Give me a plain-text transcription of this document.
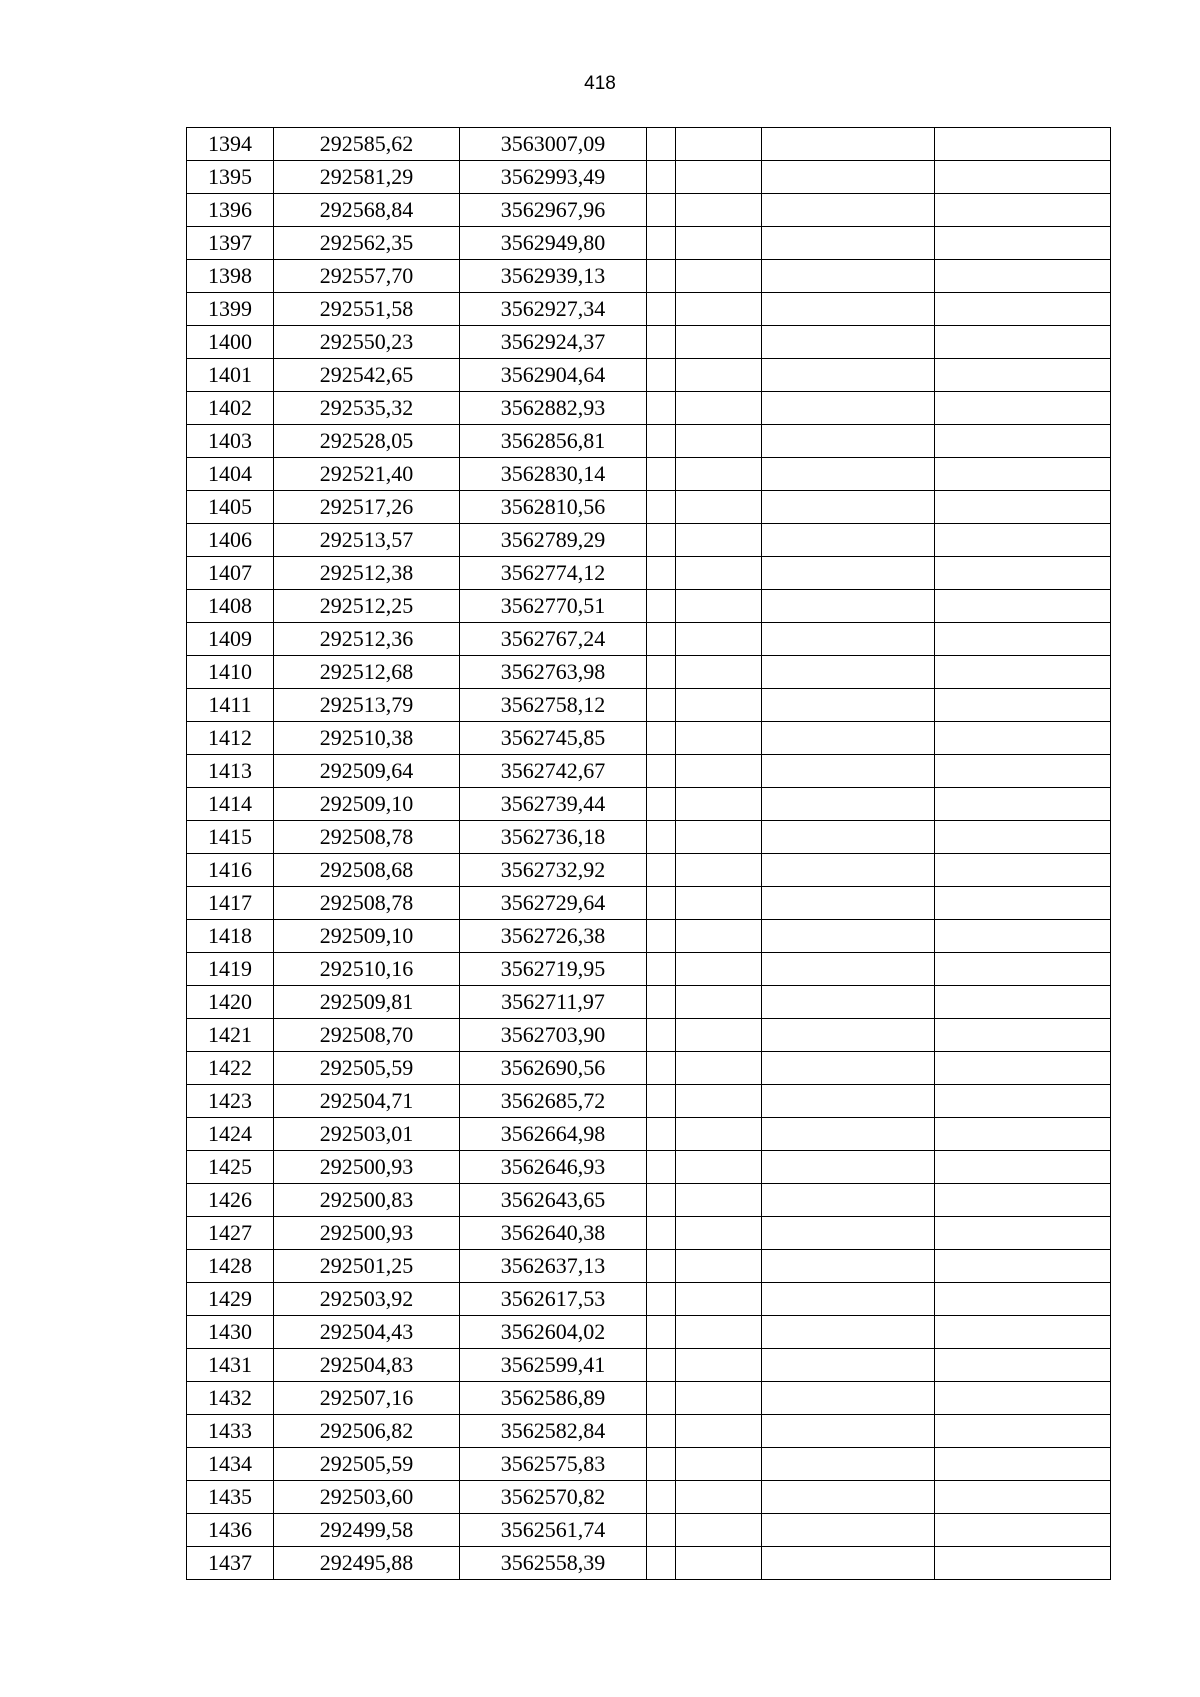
418
1394	292585,62	3563007,09				
1395	292581,29	3562993,49				
1396	292568,84	3562967,96				
1397	292562,35	3562949,80				
1398	292557,70	3562939,13				
1399	292551,58	3562927,34				
1400	292550,23	3562924,37				
1401	292542,65	3562904,64				
1402	292535,32	3562882,93				
1403	292528,05	3562856,81				
1404	292521,40	3562830,14				
1405	292517,26	3562810,56				
1406	292513,57	3562789,29				
1407	292512,38	3562774,12				
1408	292512,25	3562770,51				
1409	292512,36	3562767,24				
1410	292512,68	3562763,98				
1411	292513,79	3562758,12				
1412	292510,38	3562745,85				
1413	292509,64	3562742,67				
1414	292509,10	3562739,44				
1415	292508,78	3562736,18				
1416	292508,68	3562732,92				
1417	292508,78	3562729,64				
1418	292509,10	3562726,38				
1419	292510,16	3562719,95				
1420	292509,81	3562711,97				
1421	292508,70	3562703,90				
1422	292505,59	3562690,56				
1423	292504,71	3562685,72				
1424	292503,01	3562664,98				
1425	292500,93	3562646,93				
1426	292500,83	3562643,65				
1427	292500,93	3562640,38				
1428	292501,25	3562637,13				
1429	292503,92	3562617,53				
1430	292504,43	3562604,02				
1431	292504,83	3562599,41				
1432	292507,16	3562586,89				
1433	292506,82	3562582,84				
1434	292505,59	3562575,83				
1435	292503,60	3562570,82				
1436	292499,58	3562561,74				
1437	292495,88	3562558,39				
